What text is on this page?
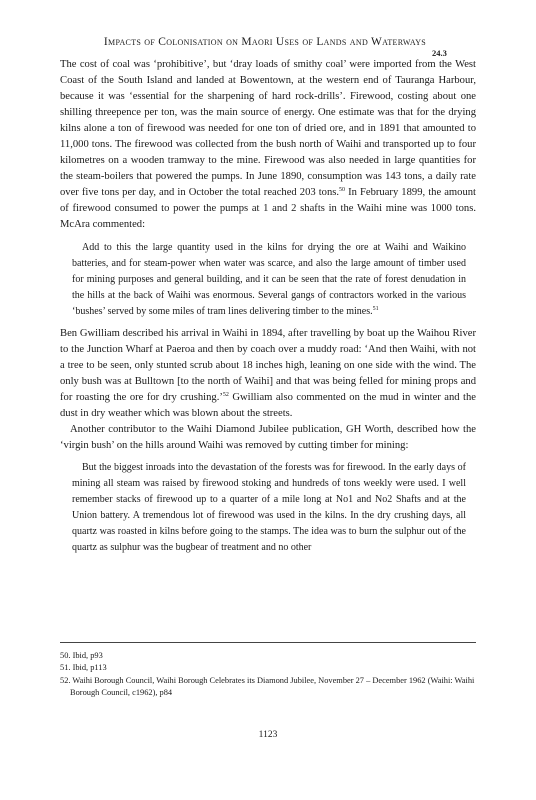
Impacts of Colonisation on Maori Uses of Lands and Waterways
24.3

The cost of coal was ‘prohibitive’, but ‘dray loads of smithy coal’ were imported from the West Coast of the South Island and landed at Bowentown, at the western end of Tauranga Harbour, because it was ‘essential for the sharpening of hard rock-drills’. Firewood, costing about one shilling threepence per ton, was the main source of energy. One estimate was that for the drying kilns alone a ton of firewood was needed for one ton of dried ore, and in 1891 that amounted to 11,000 tons. The firewood was collected from the bush north of Waihi and transported up to four kilometres on a wooden tramway to the mine. Firewood was also needed in large quantities for the steam-boilers that powered the pumps. In June 1890, consumption was 143 tons, a daily rate over five tons per day, and in October the total reached 203 tons.$^{50}$ In February 1899, the amount of firewood consumed to power the pumps at 1 and 2 shafts in the Waihi mine was 1000 tons. McAra commented:

Add to this the large quantity used in the kilns for drying the ore at Waihi and Waikino batteries, and for steam-power when water was scarce, and also the large amount of timber used for mining purposes and general building, and it can be seen that the rate of forest denudation in the hills at the back of Waihi was enormous. Several gangs of contractors worked in the various ‘bushes’ served by some miles of tram lines delivering timber to the mines.$^{51}$

Ben Gwilliam described his arrival in Waihi in 1894, after travelling by boat up the Waihou River to the Junction Wharf at Paeroa and then by coach over a muddy road: ‘And then Waihi, with not a tree to be seen, only stunted scrub about 18 inches high, leaning on one side with the wind. The only bush was at Bulltown [to the north of Waihi] and that was being felled for mining props and for roasting the ore for dry crushing.’$^{52}$ Gwilliam also commented on the mud in winter and the dust in dry weather which was blown about the streets.

Another contributor to the Waihi Diamond Jubilee publication, GH Worth, described how the ‘virgin bush’ on the hills around Waihi was removed by cutting timber for mining:

But the biggest inroads into the devastation of the forests was for firewood. In the early days of mining all steam was raised by firewood stoking and hundreds of tons weekly were used. I well remember stacks of firewood up to a quarter of a mile long at No1 and No2 Shafts and at the Union battery. A tremendous lot of firewood was used in the kilns. In the dry crushing days, all quartz was roasted in kilns before going to the stamps. The idea was to burn the sulphur out of the quartz as sulphur was the bugbear of treatment and no other

50. Ibid, p93

51. Ibid, p113

52. Waihi Borough Council, Waihi Borough Celebrates its Diamond Jubilee, November 27 – December 1962 (Waihi: Waihi Borough Council, c1962), p84

1123
